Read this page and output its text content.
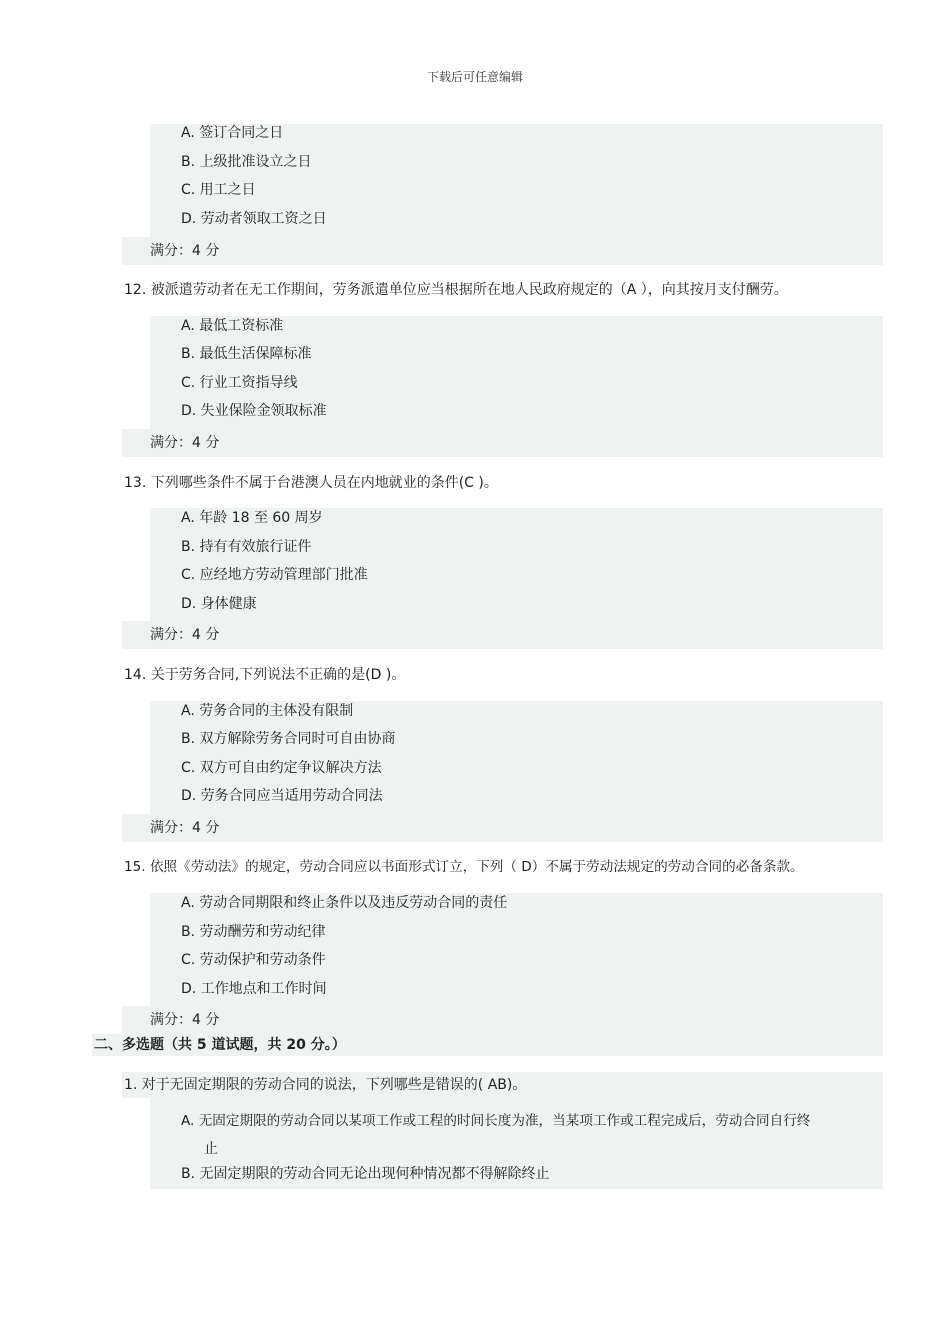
下载后可任意编辑
A. 签订合同之日
B. 上级批准设立之日
C. 用工之日
D. 劳动者领取工资之日
满分：4 分
12. 被派遣劳动者在无工作期间，劳务派遣单位应当根据所在地人民政府规定的（A ），向其按月支付酬劳。
A. 最低工资标准
B. 最低生活保障标准
C. 行业工资指导线
D. 失业保险金领取标准
满分：4 分
13. 下列哪些条件不属于台港澳人员在内地就业的条件(C )。
A. 年龄 18 至 60 周岁
B. 持有有效旅行证件
C. 应经地方劳动管理部门批准
D. 身体健康
满分：4 分
14. 关于劳务合同,下列说法不正确的是(D )。
A. 劳务合同的主体没有限制
B. 双方解除劳务合同时可自由协商
C. 双方可自由约定争议解决方法
D. 劳务合同应当适用劳动合同法
满分：4 分
15. 依照《劳动法》的规定，劳动合同应以书面形式订立，下列（ D）不属于劳动法规定的劳动合同的必备条款。
A. 劳动合同期限和终止条件以及违反劳动合同的责任
B. 劳动酬劳和劳动纪律
C. 劳动保护和劳动条件
D. 工作地点和工作时间
满分：4 分
二、多选题（共 5 道试题，共 20 分。）
1. 对于无固定期限的劳动合同的说法，下列哪些是错误的( AB)。
A. 无固定期限的劳动合同以某项工作或工程的时间长度为准，当某项工作或工程完成后，劳动合同自行终
止
B. 无固定期限的劳动合同无论出现何种情况都不得解除终止
